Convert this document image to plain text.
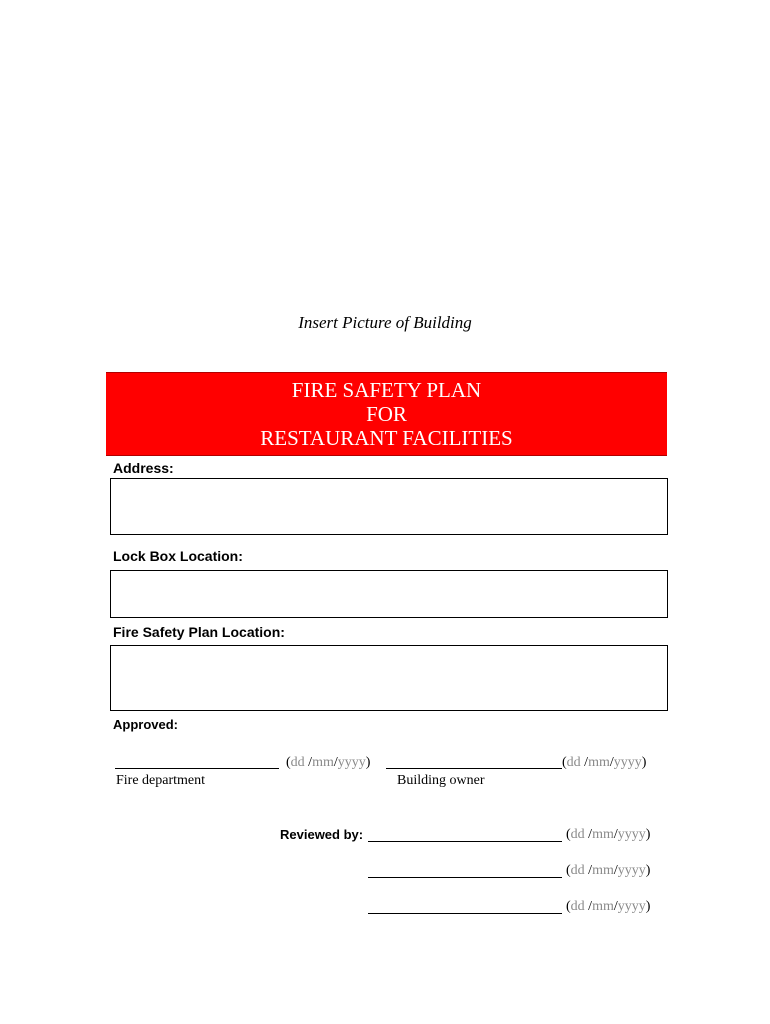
Insert Picture of Building
FIRE SAFETY PLAN
FOR
RESTAURANT FACILITIES
Address:
Lock Box Location:
Fire Safety Plan Location:
Approved:
(dd /mm/yyyy)
Fire department
(dd /mm/yyyy)
Building owner
Reviewed by:	(dd /mm/yyyy)
(dd /mm/yyyy)
(dd /mm/yyyy)
